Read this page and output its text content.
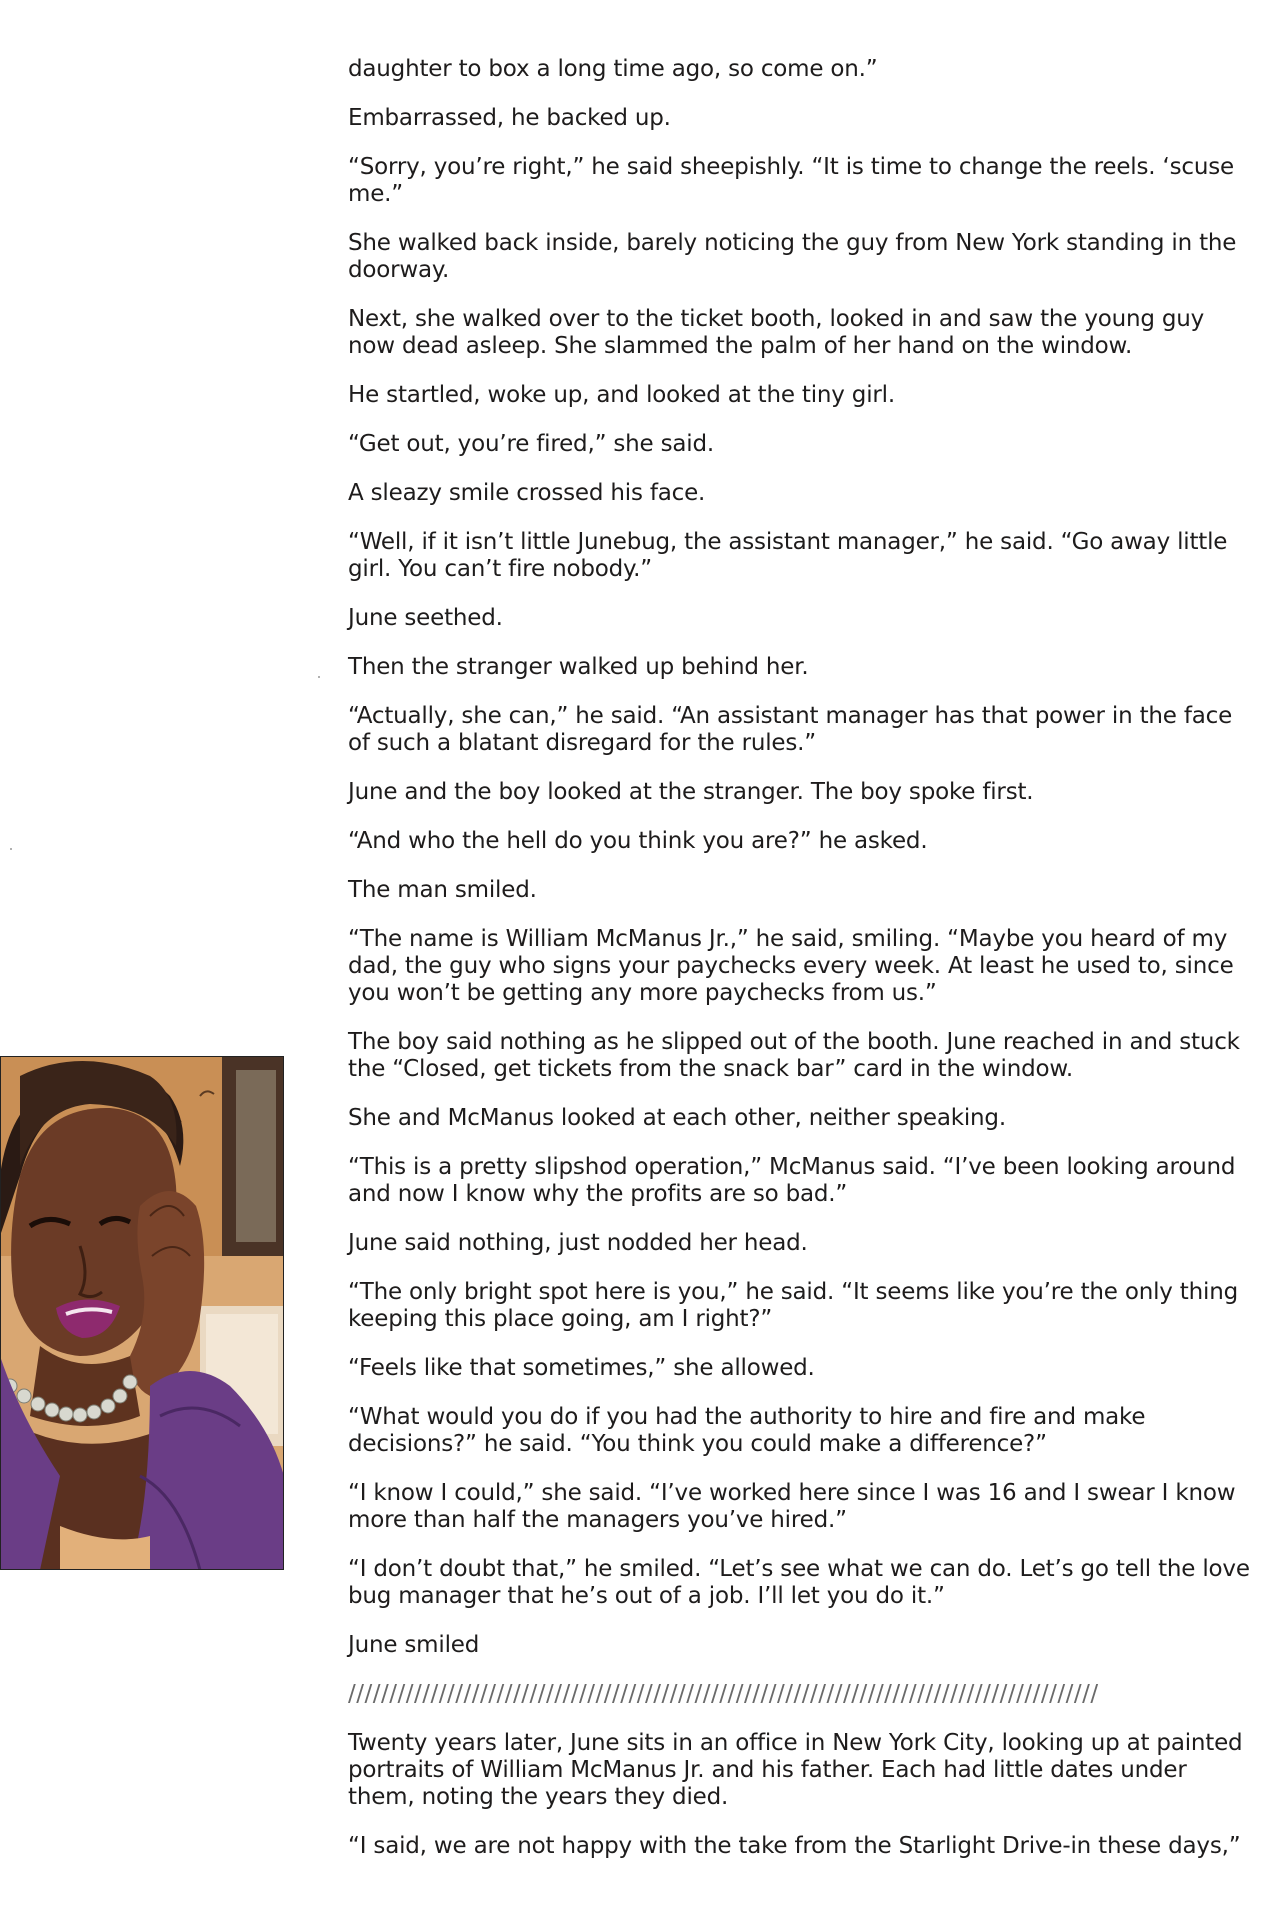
daughter to box a long time ago, so come on.”

Embarrassed, he backed up.

“Sorry, you’re right,” he said sheepishly. “It is time to change the reels. ‘scuse me.”

She walked back inside, barely noticing the guy from New York standing in the doorway.

Next, she walked over to the ticket booth, looked in and saw the young guy now dead asleep. She slammed the palm of her hand on the window.

He startled, woke up, and looked at the tiny girl.

“Get out, you’re fired,” she said.

A sleazy smile crossed his face.

“Well, if it isn’t little Junebug, the assistant manager,” he said. “Go away little girl. You can’t fire nobody.”

June seethed.

Then the stranger walked up behind her.

“Actually, she can,” he said. “An assistant manager has that power in the face of such a blatant disregard for the rules.”

June and the boy looked at the stranger. The boy spoke first.

“And who the hell do you think you are?” he asked.

The man smiled.

“The name is William McManus Jr.,” he said, smiling. “Maybe you heard of my dad, the guy who signs your paychecks every week. At least he used to, since you won’t be getting any more paychecks from us.”

The boy said nothing as he slipped out of the booth. June reached in and stuck the “Closed, get tickets from the snack bar” card in the window.

She and McManus looked at each other, neither speaking.

“This is a pretty slipshod operation,” McManus said. “I’ve been looking around and now I know why the profits are so bad.”

June said nothing, just nodded her head.

“The only bright spot here is you,” he said. “It seems like you’re the only thing keeping this place going, am I right?”

“Feels like that sometimes,” she allowed.

“What would you do if you had the authority to hire and fire and make decisions?” he said. “You think you could make a difference?”

“I know I could,” she said. “I’ve worked here since I was 16 and I swear I know more than half the managers you’ve hired.”

“I don’t doubt that,” he smiled. “Let’s see what we can do. Let’s go tell the love bug manager that he’s out of a job. I’ll let you do it.”

June smiled

///////////////////////////////////////////////////////////////////////////////////////////

Twenty years later, June sits in an office in New York City, looking up at painted portraits of William McManus Jr. and his father. Each had little dates under them, noting the years they died.

“I said, we are not happy with the take from the Starlight Drive-in these days,”
